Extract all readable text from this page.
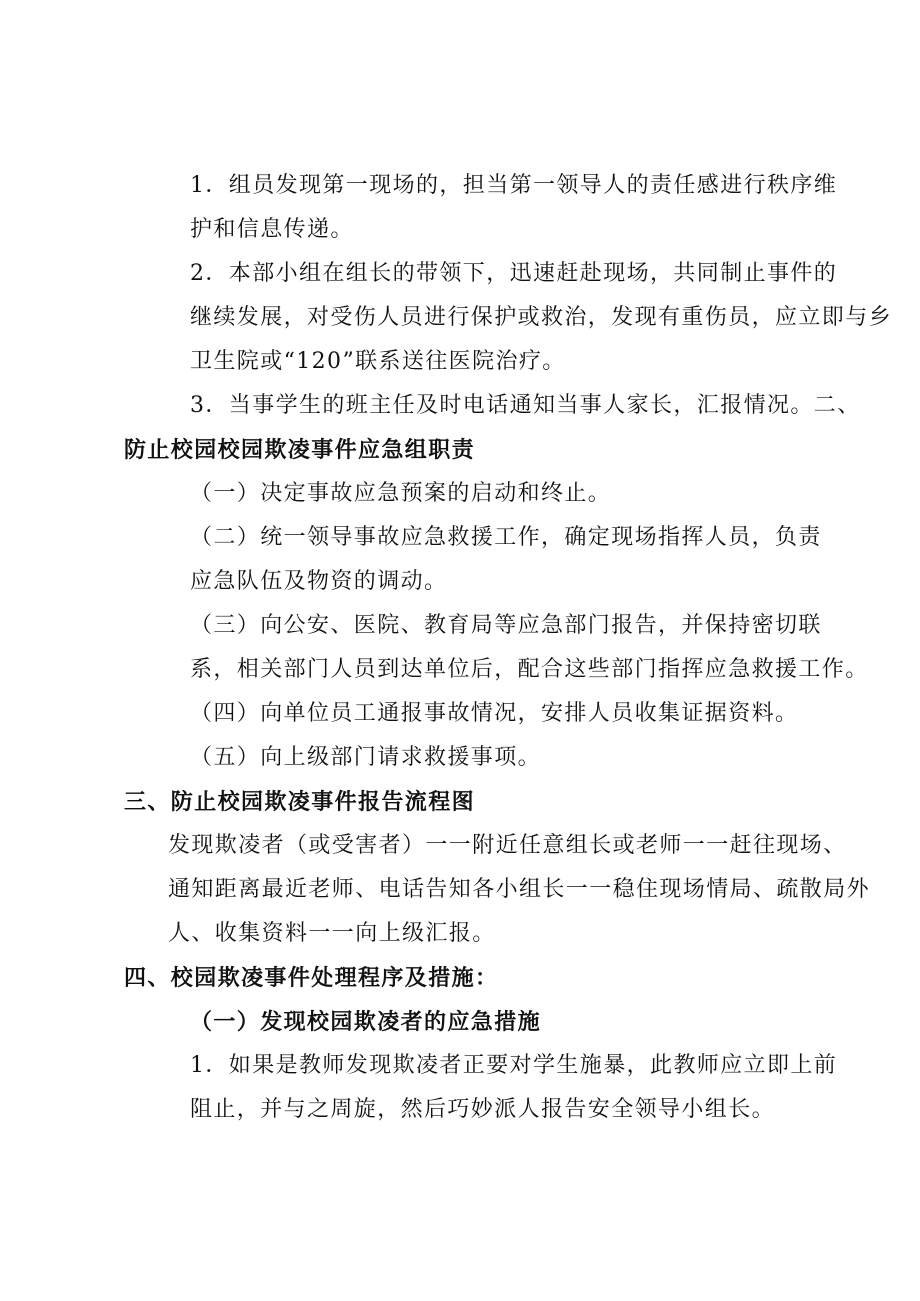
1．组员发现第一现场的，担当第一领导人的责任感进行秩序维
护和信息传递。
2．本部小组在组长的带领下，迅速赶赴现场，共同制止事件的
继续发展，对受伤人员进行保护或救治，发现有重伤员，应立即与乡
卫生院或“120”联系送往医院治疗。
3．当事学生的班主任及时电话通知当事人家长，汇报情况。二、
防止校园校园欺凌事件应急组职责
（一）决定事故应急预案的启动和终止。
（二）统一领导事故应急救援工作，确定现场指挥人员，负责
应急队伍及物资的调动。
（三）向公安、医院、教育局等应急部门报告，并保持密切联
系，相关部门人员到达单位后，配合这些部门指挥应急救援工作。
（四）向单位员工通报事故情况，安排人员收集证据资料。
（五）向上级部门请求救援事项。
三、防止校园欺凌事件报告流程图
发现欺凌者（或受害者）一一附近任意组长或老师一一赶往现场、
通知距离最近老师、电话告知各小组长一一稳住现场情局、疏散局外
人、收集资料一一向上级汇报。
四、校园欺凌事件处理程序及措施：
（一）发现校园欺凌者的应急措施
1．如果是教师发现欺凌者正要对学生施暴，此教师应立即上前
阻止，并与之周旋，然后巧妙派人报告安全领导小组长。
